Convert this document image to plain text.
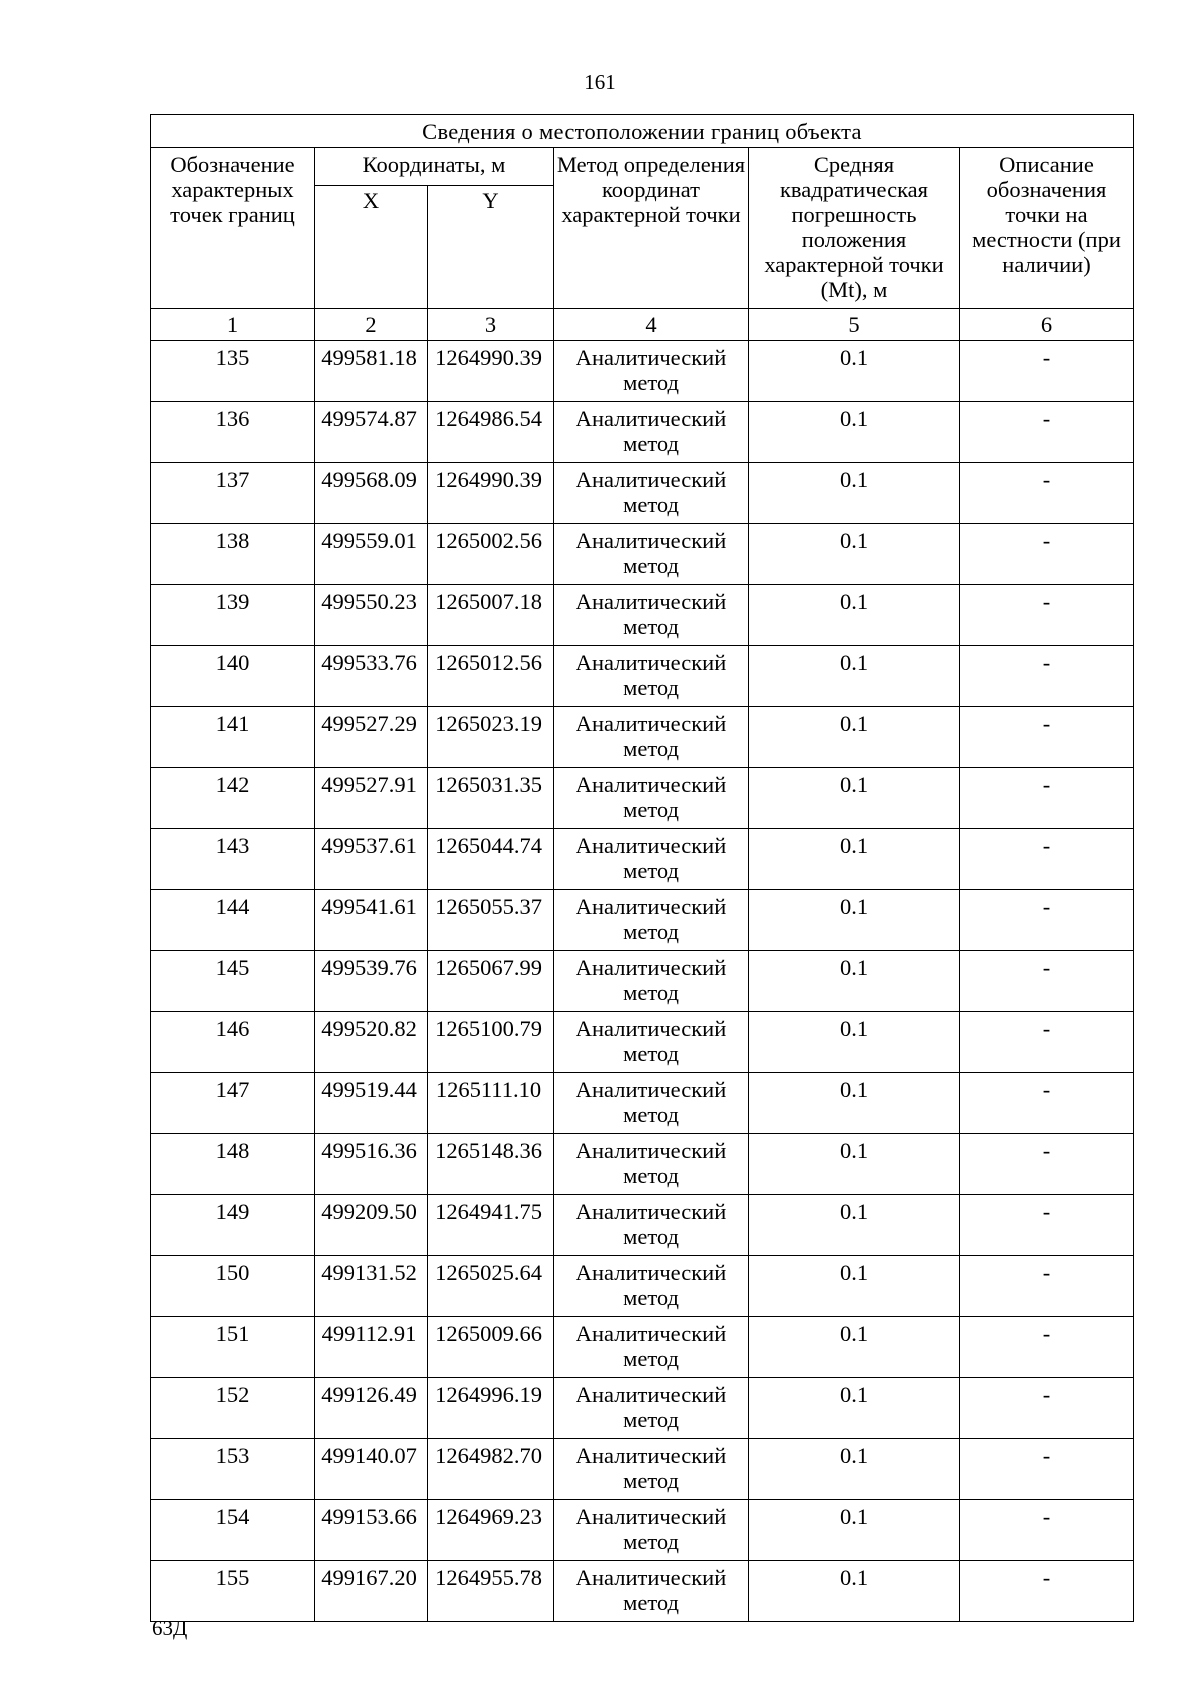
161
Сведения о местоположении границ объекта					
Обозначение характерных точек границ	Координаты, м		Метод определения координат характерной точки	Средняя квадратическая погрешность положения характерной точки (Mt), м	Описание обозначения точки на местности (при наличии)
	X	Y			
1	2	3	4	5	6
135	499581.18	1264990.39	Аналитический метод	0.1	-
136	499574.87	1264986.54	Аналитический метод	0.1	-
137	499568.09	1264990.39	Аналитический метод	0.1	-
138	499559.01	1265002.56	Аналитический метод	0.1	-
139	499550.23	1265007.18	Аналитический метод	0.1	-
140	499533.76	1265012.56	Аналитический метод	0.1	-
141	499527.29	1265023.19	Аналитический метод	0.1	-
142	499527.91	1265031.35	Аналитический метод	0.1	-
143	499537.61	1265044.74	Аналитический метод	0.1	-
144	499541.61	1265055.37	Аналитический метод	0.1	-
145	499539.76	1265067.99	Аналитический метод	0.1	-
146	499520.82	1265100.79	Аналитический метод	0.1	-
147	499519.44	1265111.10	Аналитический метод	0.1	-
148	499516.36	1265148.36	Аналитический метод	0.1	-
149	499209.50	1264941.75	Аналитический метод	0.1	-
150	499131.52	1265025.64	Аналитический метод	0.1	-
151	499112.91	1265009.66	Аналитический метод	0.1	-
152	499126.49	1264996.19	Аналитический метод	0.1	-
153	499140.07	1264982.70	Аналитический метод	0.1	-
154	499153.66	1264969.23	Аналитический метод	0.1	-
155	499167.20	1264955.78	Аналитический метод	0.1	-
63Д
